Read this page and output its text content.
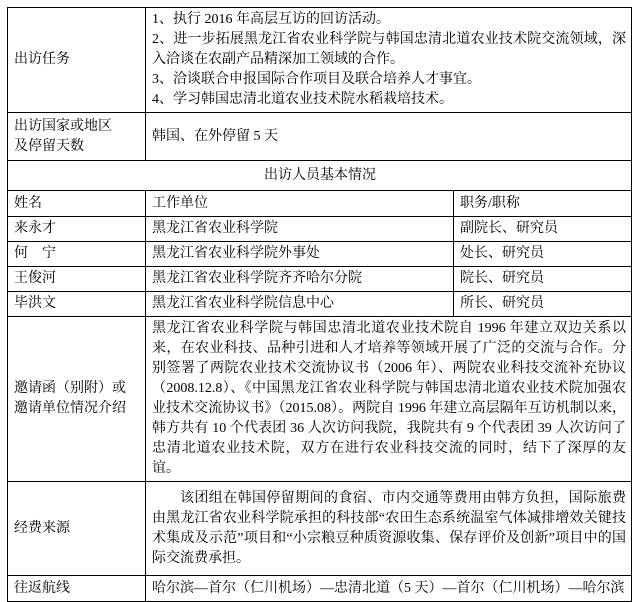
出访任务	1、执行 2016 年高层互访的回访活动。
2、进一步拓展黑龙江省农业科学院与韩国忠清北道农业技术院交流领域，深入洽谈在农副产品精深加工领域的合作。
3、洽谈联合申报国际合作项目及联合培养人才事宜。
4、学习韩国忠清北道农业技术院水稻栽培技术。	

出访国家或地区及停留天数	韩国、在外停留 5 天	
出访人员基本情况		
姓名	工作单位	职务/职称
来永才	黑龙江省农业科学院	副院长、研究员
何　宁	黑龙江省农业科学院外事处	处长、研究员
王俊河	黑龙江省农业科学院齐齐哈尔分院	院长、研究员
毕洪文	黑龙江省农业科学院信息中心	所长、研究员

邀请函（别附）或邀请单位情况介绍	黑龙江省农业科学院与韩国忠清北道农业技术院自 1996 年建立双边关系以来，在农业科技、品种引进和人才培养等领域开展了广泛的交流与合作。分别签署了两院农业技术交流协议书（2006 年）、两院农业科技交流补充协议（2008.12.8）、《中国黑龙江省农业科学院与韩国忠清北道农业技术院加强农业技术交流协议书》（2015.08）。两院自 1996 年建立高层隔年互访机制以来，韩方共有 10 个代表团 36 人次访问我院，我院共有 9 个代表团 39 人次访问了忠清北道农业技术院，双方在进行农业科技交流的同时，结下了深厚的友谊。	

经费来源	该团组在韩国停留期间的食宿、市内交通等费用由韩方负担，国际旅费由黑龙江省农业科学院承担的科技部“农田生态系统温室气体减排增效关键技术集成及示范”项目和“小宗粮豆种质资源收集、保存评价及创新”项目中的国际交流费承担。	

往返航线	哈尔滨—首尔（仁川机场）—忠清北道（5 天）—首尔（仁川机场）—哈尔滨	
